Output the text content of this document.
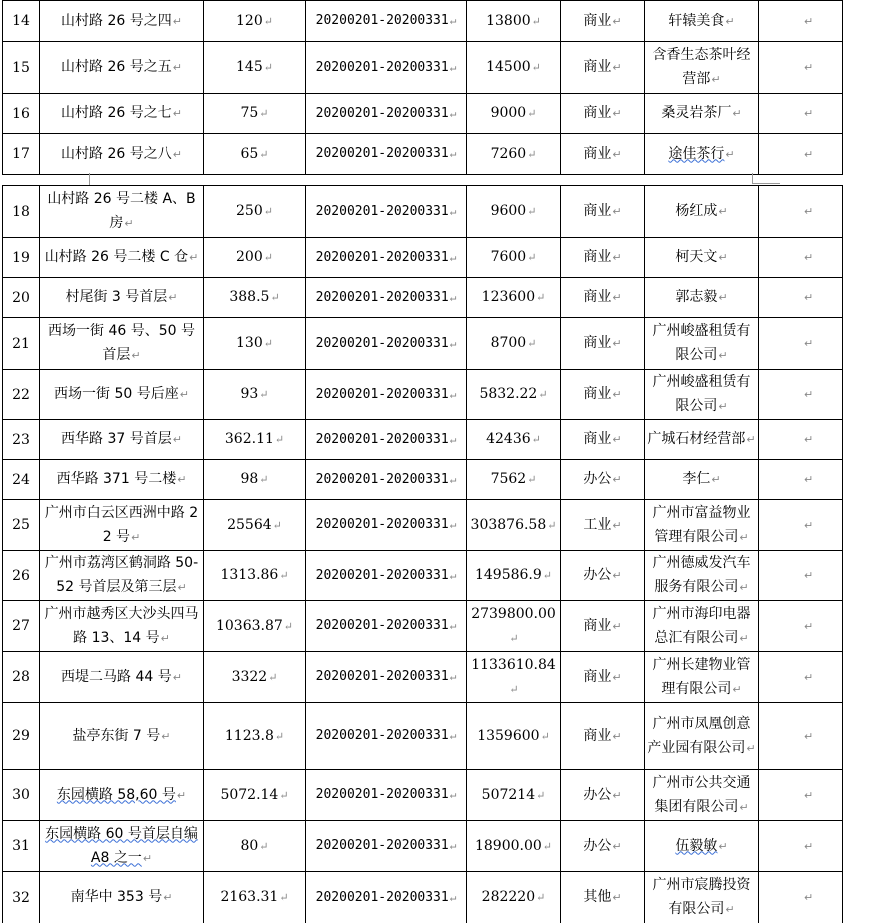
14	山村路 26 号之四↵	120↵	20200201-20200331↵	13800↵	商业↵	轩辕美食↵	↵
15	山村路 26 号之五↵	145↵	20200201-20200331↵	14500↵	商业↵	含香生态茶叶经营部↵	↵
16	山村路 26 号之七↵	75↵	20200201-20200331↵	9000↵	商业↵	桑灵岩茶厂↵	↵
17	山村路 26 号之八↵	65↵	20200201-20200331↵	7260↵	商业↵	途佳茶行↵	↵
18	山村路 26 号二楼 A、B 房↵	250↵	20200201-20200331↵	9600↵	商业↵	杨红成↵	↵
19	山村路 26 号二楼 C 仓↵	200↵	20200201-20200331↵	7600↵	商业↵	柯天文↵	↵
20	村尾街 3 号首层↵	388.5↵	20200201-20200331↵	123600↵	商业↵	郭志毅↵	↵
21	西场一街 46 号、50 号首层↵	130↵	20200201-20200331↵	8700↵	商业↵	广州峻盛租赁有限公司↵	↵
22	西场一街 50 号后座↵	93↵	20200201-20200331↵	5832.22↵	商业↵	广州峻盛租赁有限公司↵	↵
23	西华路 37 号首层↵	362.11↵	20200201-20200331↵	42436↵	商业↵	广城石材经营部↵	↵
24	西华路 371 号二楼↵	98↵	20200201-20200331↵	7562↵	办公↵	李仁↵	↵
25	广州市白云区西洲中路 22 号↵	25564↵	20200201-20200331↵	303876.58↵	工业↵	广州市富益物业管理有限公司↵	↵
26	广州市荔湾区鹤洞路 50-52 号首层及第三层↵	1313.86↵	20200201-20200331↵	149586.9↵	办公↵	广州德威发汽车服务有限公司↵	↵
27	广州市越秀区大沙头四马路 13、14 号↵	10363.87↵	20200201-20200331↵	2739800.00↵	商业↵	广州市海印电器总汇有限公司↵	↵
28	西堤二马路 44 号↵	3322↵	20200201-20200331↵	1133610.84↵	商业↵	广州长建物业管理有限公司↵	↵
29	盐亭东街 7 号↵	1123.8↵	20200201-20200331↵	1359600↵	商业↵	广州市凤凰创意产业园有限公司↵	↵
30	东园横路 58,60 号↵	5072.14↵	20200201-20200331↵	507214↵	办公↵	广州市公共交通集团有限公司↵	↵
31	东园横路 60 号首层自编 A8 之一↵	80↵	20200201-20200331↵	18900.00↵	办公↵	伍毅敏↵	↵
32	南华中 353 号↵	2163.31↵	20200201-20200331↵	282220↵	其他↵	广州市宸腾投资有限公司↵	↵
